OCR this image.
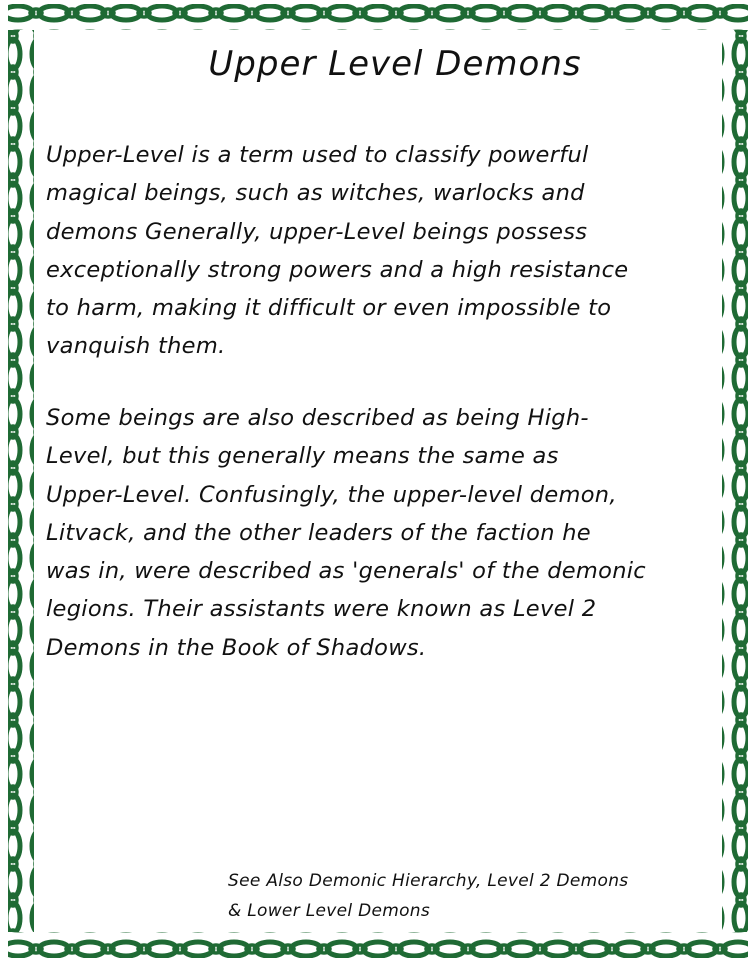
Upper Level Demons
Upper-Level is a term used to classify powerful
magical beings, such as witches, warlocks and
demons Generally, upper-Level beings possess
exceptionally strong powers and a high resistance
to harm, making it difficult or even impossible to
vanquish them.
Some beings are also described as being High-
Level, but this generally means the same as
Upper-Level. Confusingly, the upper-level demon,
Litvack, and the other leaders of the faction he
was in, were described as 'generals' of the demonic
legions. Their assistants were known as Level 2
Demons in the Book of Shadows.
See Also Demonic Hierarchy, Level 2 Demons
& Lower Level Demons
